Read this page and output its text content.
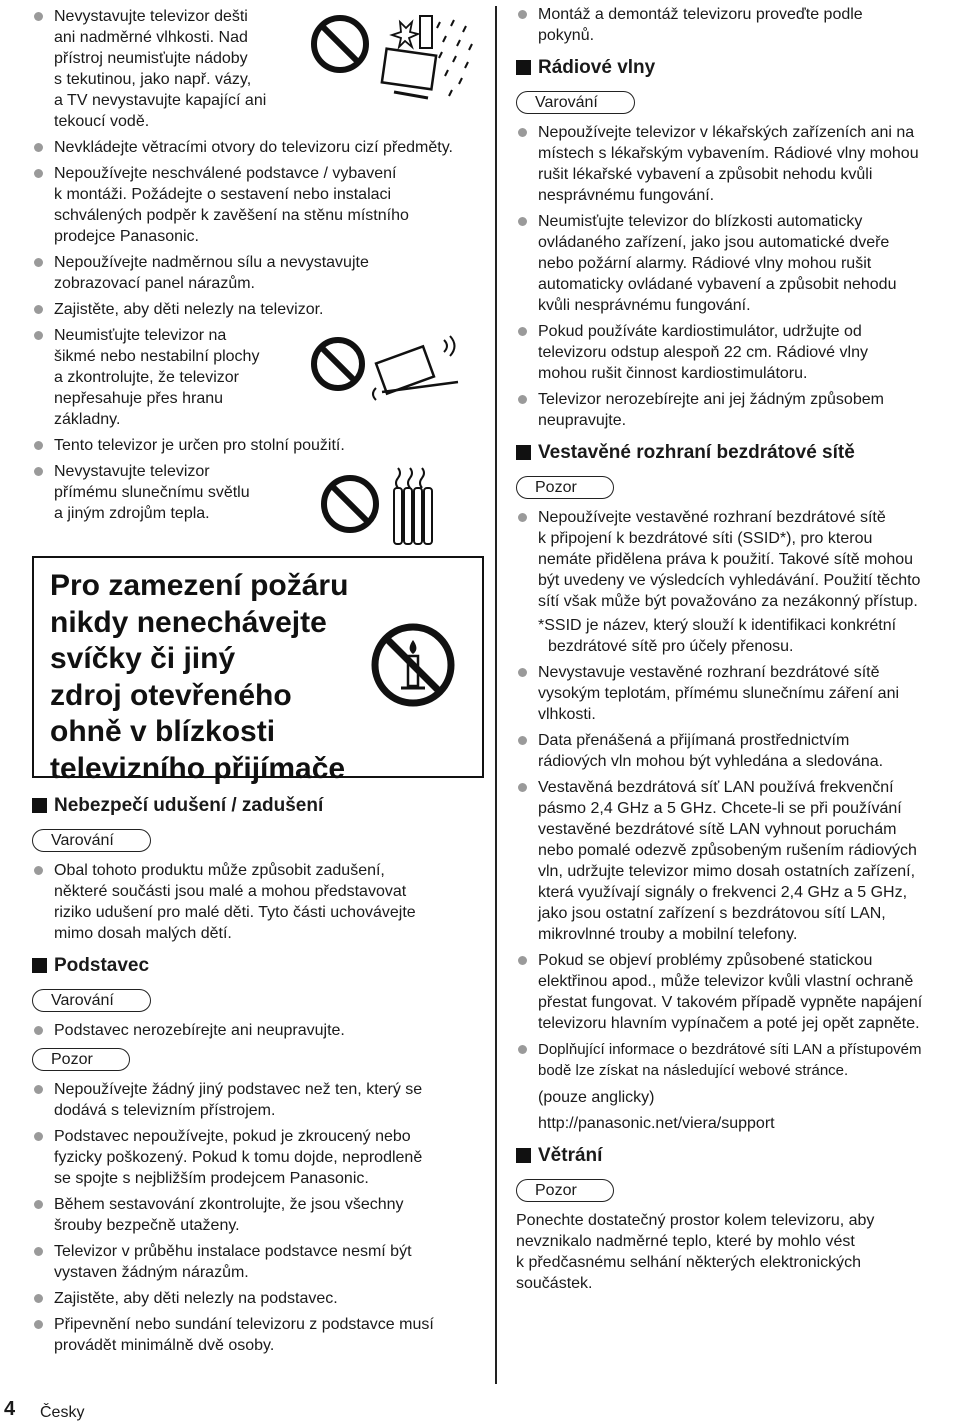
Nevystavujte televizor dešti
ani nadměrné vlhkosti. Nad
přístroj neumisťujte nádoby
s tekutinou, jako např. vázy,
a TV nevystavujte kapající ani
tekoucí vodě.
Nevkládejte větracími otvory do televizoru cizí předměty.
Nepoužívejte neschválené podstavce / vybavení
k montáži. Požádejte o sestavení nebo instalaci
schválených podpěr k zavěšení na stěnu místního
prodejce Panasonic.
Nepoužívejte nadměrnou sílu a nevystavujte
zobrazovací panel nárazům.
Zajistěte, aby děti nelezly na televizor.
Neumisťujte televizor na
šikmé nebo nestabilní plochy
a zkontrolujte, že televizor
nepřesahuje přes hranu
základny.
Tento televizor je určen pro stolní použití.
Nevystavujte televizor
přímému slunečnímu světlu
a jiným zdrojům tepla.
Pro zamezení požáru
nikdy nenechávejte
svíčky či jiný
zdroj otevřeného
ohně v blízkosti
televizního přijímače
Nebezpečí udušení / zadušení
Varování
Obal tohoto produktu může způsobit zadušení,
některé součásti jsou malé a mohou představovat
riziko udušení pro malé děti. Tyto části uchovávejte
mimo dosah malých dětí.
Podstavec
Varování
Podstavec nerozebírejte ani neupravujte.
Pozor
Nepoužívejte žádný jiný podstavec než ten, který se
dodává s televizním přístrojem.
Podstavec nepoužívejte, pokud je zkroucený nebo
fyzicky poškozený. Pokud k tomu dojde, neprodleně
se spojte s nejbližším prodejcem Panasonic.
Během sestavování zkontrolujte, že jsou všechny
šrouby bezpečně utaženy.
Televizor v průběhu instalace podstavce nesmí být
vystaven žádným nárazům.
Zajistěte, aby děti nelezly na podstavec.
Připevnění nebo sundání televizoru z podstavce musí
provádět minimálně dvě osoby.
Montáž a demontáž televizoru proveďte podle
pokynů.
Rádiové vlny
Varování
Nepoužívejte televizor v lékařských zařízeních ani na
místech s lékařským vybavením. Rádiové vlny mohou
rušit lékařské vybavení a způsobit nehodu kvůli
nesprávnému fungování.
Neumisťujte televizor do blízkosti automaticky
ovládaného zařízení, jako jsou automatické dveře
nebo požární alarmy. Rádiové vlny mohou rušit
automaticky ovládané vybavení a způsobit nehodu
kvůli nesprávnému fungování.
Pokud používáte kardiostimulátor, udržujte od
televizoru odstup alespoň 22 cm. Rádiové vlny
mohou rušit činnost kardiostimulátoru.
Televizor nerozebírejte ani jej žádným způsobem
neupravujte.
Vestavěné rozhraní bezdrátové sítě
Pozor
Nepoužívejte vestavěné rozhraní bezdrátové sítě
k připojení k bezdrátové síti (SSID*), pro kterou
nemáte přidělena práva k použití. Takové sítě mohou
být uvedeny ve výsledcích vyhledávání. Použití těchto
sítí však může být považováno za nezákonný přístup.
*SSID je název, který slouží k identifikaci konkrétní
bezdrátové sítě pro účely přenosu.
Nevystavuje vestavěné rozhraní bezdrátové sítě
vysokým teplotám, přímému slunečnímu záření ani
vlhkosti.
Data přenášená a přijímaná prostřednictvím
rádiových vln mohou být vyhledána a sledována.
Vestavěná bezdrátová síť LAN používá frekvenční
pásmo 2,4 GHz a 5 GHz. Chcete-li se při používání
vestavěné bezdrátové sítě LAN vyhnout poruchám
nebo pomalé odezvě způsobeným rušením rádiových
vln, udržujte televizor mimo dosah ostatních zařízení,
která využívají signály o frekvenci 2,4 GHz a 5 GHz,
jako jsou ostatní zařízení s bezdrátovou sítí LAN,
mikrovlnné trouby a mobilní telefony.
Pokud se objeví problémy způsobené statickou
elektřinou apod., může televizor kvůli vlastní ochraně
přestat fungovat. V takovém případě vypněte napájení
televizoru hlavním vypínačem a poté jej opět zapněte.
Doplňující informace o bezdrátové síti LAN a přístupovém
bodě lze získat na následující webové stránce.
(pouze anglicky)
http://panasonic.net/viera/support
Větrání
Pozor
Ponechte dostatečný prostor kolem televizoru, aby
nevznikalo nadměrné teplo, které by mohlo vést
k předčasnému selhání některých elektronických
součástek.
4 Česky
